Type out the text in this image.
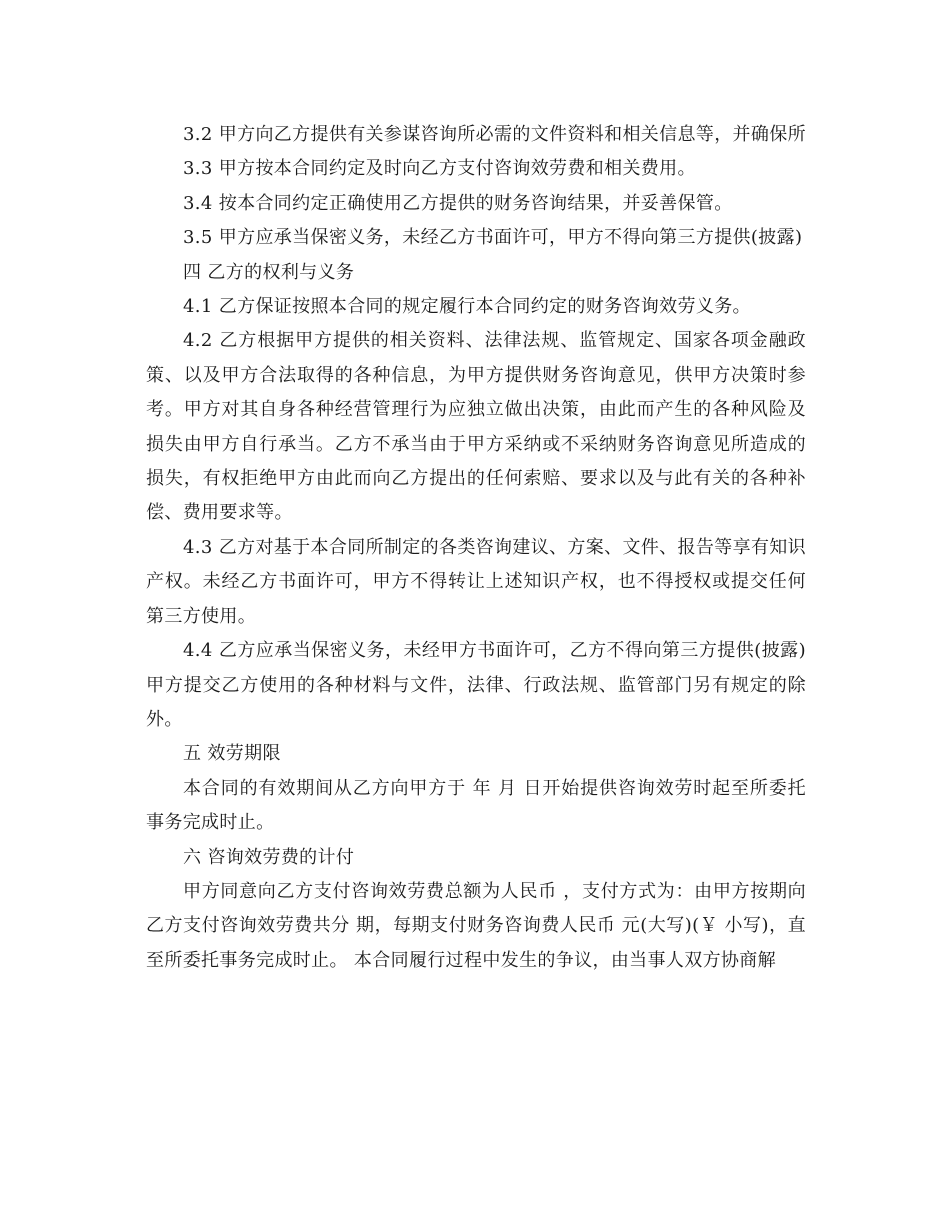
3.2 甲方向乙方提供有关参谋咨询所必需的文件资料和相关信息等，并确保所

3.3 甲方按本合同约定及时向乙方支付咨询效劳费和相关费用。

3.4 按本合同约定正确使用乙方提供的财务咨询结果，并妥善保管。

3.5 甲方应承当保密义务，未经乙方书面许可，甲方不得向第三方提供(披露)

四 乙方的权利与义务

4.1 乙方保证按照本合同的规定履行本合同约定的财务咨询效劳义务。

4.2 乙方根据甲方提供的相关资料、法律法规、监管规定、国家各项金融政策、以及甲方合法取得的各种信息，为甲方提供财务咨询意见，供甲方决策时参考。甲方对其自身各种经营管理行为应独立做出决策，由此而产生的各种风险及损失由甲方自行承当。乙方不承当由于甲方采纳或不采纳财务咨询意见所造成的损失，有权拒绝甲方由此而向乙方提出的任何索赔、要求以及与此有关的各种补偿、费用要求等。

4.3 乙方对基于本合同所制定的各类咨询建议、方案、文件、报告等享有知识产权。未经乙方书面许可，甲方不得转让上述知识产权，也不得授权或提交任何第三方使用。

4.4 乙方应承当保密义务，未经甲方书面许可，乙方不得向第三方提供(披露)甲方提交乙方使用的各种材料与文件，法律、行政法规、监管部门另有规定的除外。

五 效劳期限

本合同的有效期间从乙方向甲方于 年 月 日开始提供咨询效劳时起至所委托事务完成时止。

六 咨询效劳费的计付

甲方同意向乙方支付咨询效劳费总额为人民币 ，支付方式为：由甲方按期向乙方支付咨询效劳费共分 期，每期支付财务咨询费人民币 元(大写)(￥ 小写)，直至所委托事务完成时止。 本合同履行过程中发生的争议，由当事人双方协商解
